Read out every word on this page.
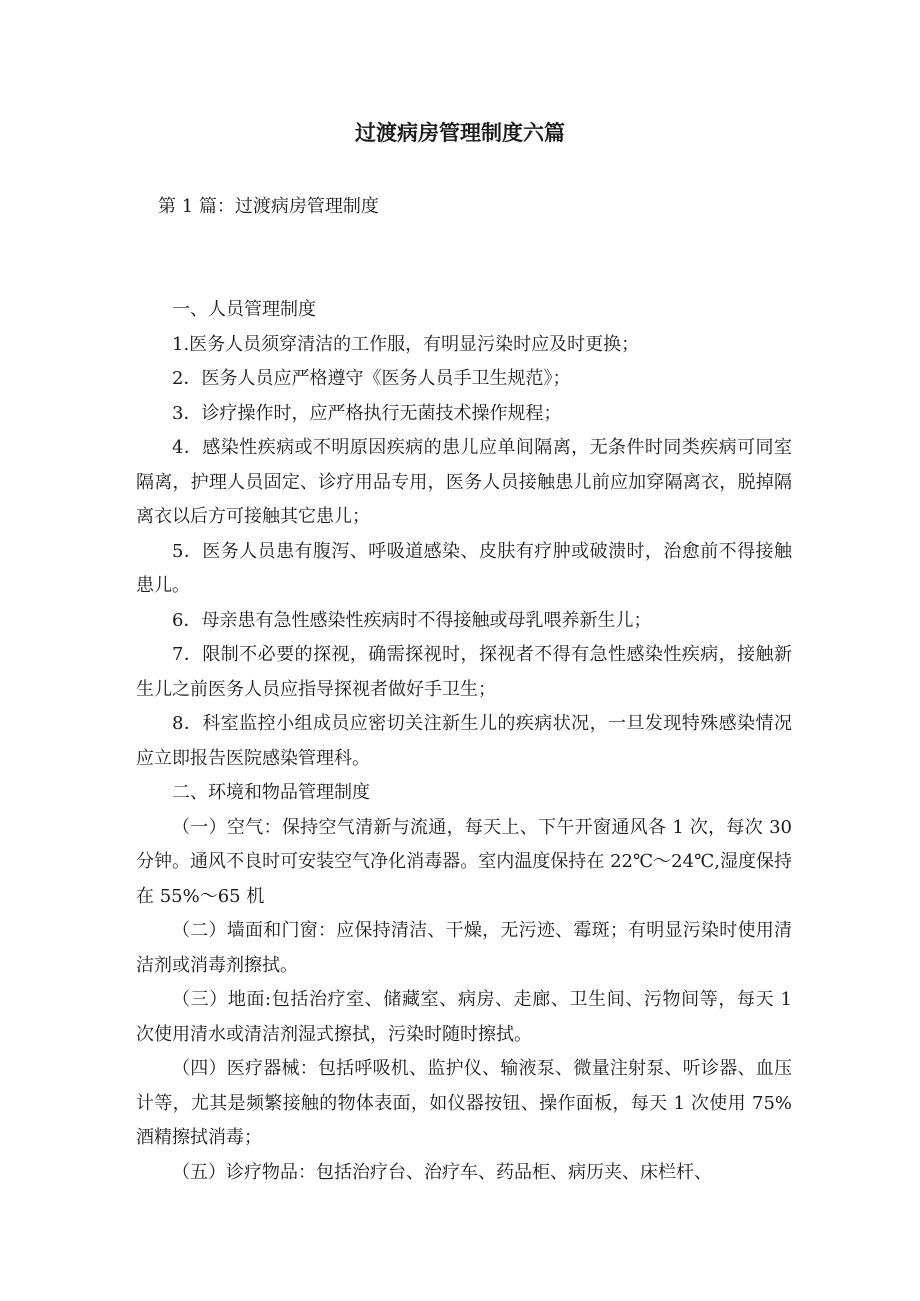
过渡病房管理制度六篇
第 1 篇：过渡病房管理制度

一、人员管理制度

1.医务人员须穿清洁的工作服，有明显污染时应及时更换；

2．医务人员应严格遵守《医务人员手卫生规范》；

3．诊疗操作时，应严格执行无菌技术操作规程；

4．感染性疾病或不明原因疾病的患儿应单间隔离，无条件时同类疾病可同室隔离，护理人员固定、诊疗用品专用，医务人员接触患儿前应加穿隔离衣，脱掉隔离衣以后方可接触其它患儿；

5．医务人员患有腹泻、呼吸道感染、皮肤有疗肿或破溃时，治愈前不得接触患儿。

6．母亲患有急性感染性疾病时不得接触或母乳喂养新生儿；

7．限制不必要的探视，确需探视时，探视者不得有急性感染性疾病，接触新生儿之前医务人员应指导探视者做好手卫生；

8．科室监控小组成员应密切关注新生儿的疾病状况，一旦发现特殊感染情况应立即报告医院感染管理科。

二、环境和物品管理制度

（一）空气：保持空气清新与流通，每天上、下午开窗通风各 1 次，每次 30 分钟。通风不良时可安装空气净化消毒器。室内温度保持在 22℃～24℃,湿度保持在 55%～65 机

（二）墙面和门窗：应保持清洁、干燥，无污迹、霉斑；有明显污染时使用清洁剂或消毒剂擦拭。

（三）地面:包括治疗室、储藏室、病房、走廊、卫生间、污物间等，每天 1 次使用清水或清洁剂湿式擦拭，污染时随时擦拭。

（四）医疗器械：包括呼吸机、监护仪、输液泵、微量注射泵、听诊器、血压计等，尤其是频繁接触的物体表面，如仪器按钮、操作面板，每天 1 次使用 75%酒精擦拭消毒；

（五）诊疗物品：包括治疗台、治疗车、药品柜、病历夹、床栏杆、
